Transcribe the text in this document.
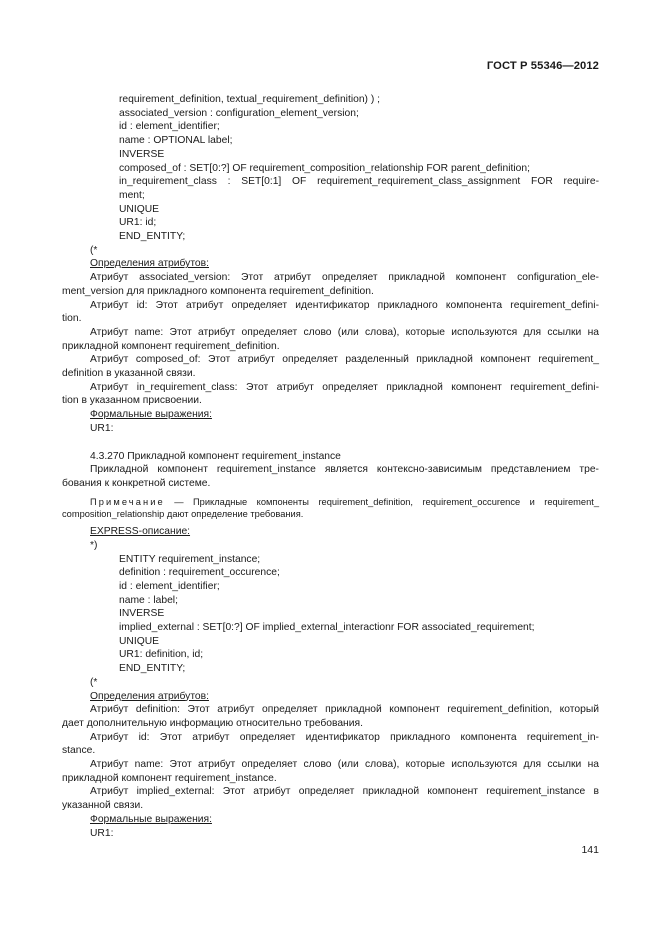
ГОСТ Р 55346—2012
requirement_definition, textual_requirement_definition) ) ;
associated_version : configuration_element_version;
id : element_identifier;
name : OPTIONAL label;
INVERSE
composed_of : SET[0:?] OF requirement_composition_relationship FOR parent_definition;
in_requirement_class : SET[0:1] OF requirement_requirement_class_assignment FOR require-
ment;
UNIQUE
UR1: id;
END_ENTITY;
(*
Определения атрибутов:
Атрибут associated_version: Этот атрибут определяет прикладной компонент configuration_ele-
ment_version для прикладного компонента requirement_definition.
Атрибут id: Этот атрибут определяет идентификатор прикладного компонента requirement_defini-
tion.
Атрибут name: Этот атрибут определяет слово (или слова), которые используются для ссылки на
прикладной компонент requirement_definition.
Атрибут composed_of: Этот атрибут определяет разделенный прикладной компонент requirement_
definition в указанной связи.
Атрибут in_requirement_class: Этот атрибут определяет прикладной компонент requirement_defini-
tion в указанном присвоении.
Формальные выражения:
UR1:
4.3.270 Прикладной компонент requirement_instance
Прикладной компонент requirement_instance является контексно-зависимым представлением тре-
бования к конкретной системе.
Примечание — Прикладные компоненты requirement_definition, requirement_occurence и requirement_
composition_relationship дают определение требования.
EXPRESS-описание:
*)
ENTITY requirement_instance;
definition : requirement_occurence;
id : element_identifier;
name : label;
INVERSE
implied_external : SET[0:?] OF implied_external_interactionr FOR associated_requirement;
UNIQUE
UR1: definition, id;
END_ENTITY;
(*
Определения атрибутов:
Атрибут definition: Этот атрибут определяет прикладной компонент requirement_definition, который
дает дополнительную информацию относительно требования.
Атрибут id: Этот атрибут определяет идентификатор прикладного компонента requirement_in-
stance.
Атрибут name: Этот атрибут определяет слово (или слова), которые используются для ссылки на
прикладной компонент requirement_instance.
Атрибут implied_external: Этот атрибут определяет прикладной компонент requirement_instance в
указанной связи.
Формальные выражения:
UR1:
141
